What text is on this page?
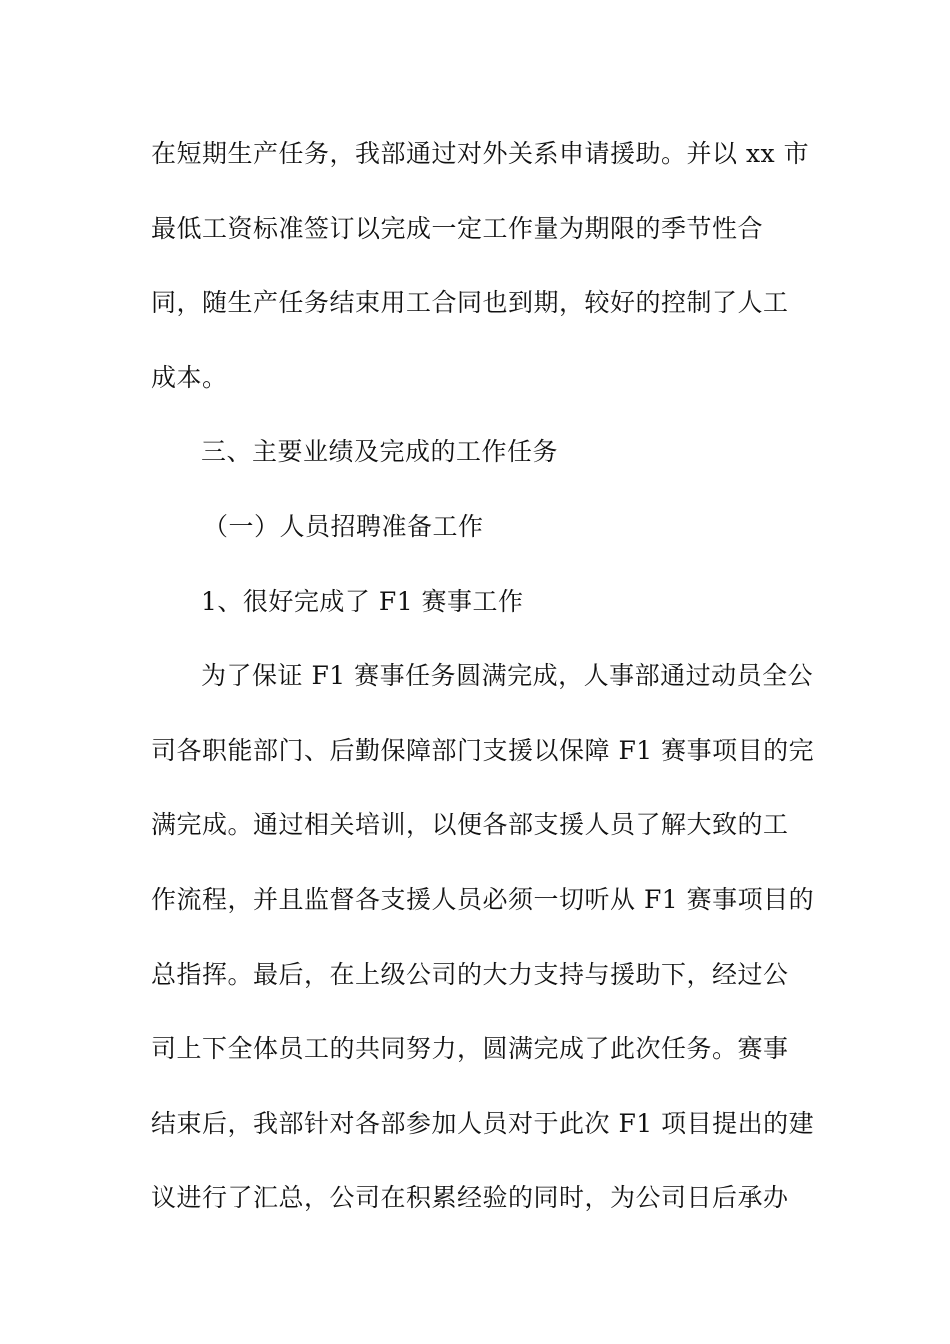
在短期生产任务，我部通过对外关系申请援助。并以 xx 市
最低工资标准签订以完成一定工作量为期限的季节性合
同，随生产任务结束用工合同也到期，较好的控制了人工
成本。
三、主要业绩及完成的工作任务
（一）人员招聘准备工作
1、很好完成了 F1 赛事工作
为了保证 F1 赛事任务圆满完成，人事部通过动员全公
司各职能部门、后勤保障部门支援以保障 F1 赛事项目的完
满完成。通过相关培训，以便各部支援人员了解大致的工
作流程，并且监督各支援人员必须一切听从 F1 赛事项目的
总指挥。最后，在上级公司的大力支持与援助下，经过公
司上下全体员工的共同努力，圆满完成了此次任务。赛事
结束后，我部针对各部参加人员对于此次 F1 项目提出的建
议进行了汇总，公司在积累经验的同时，为公司日后承办
